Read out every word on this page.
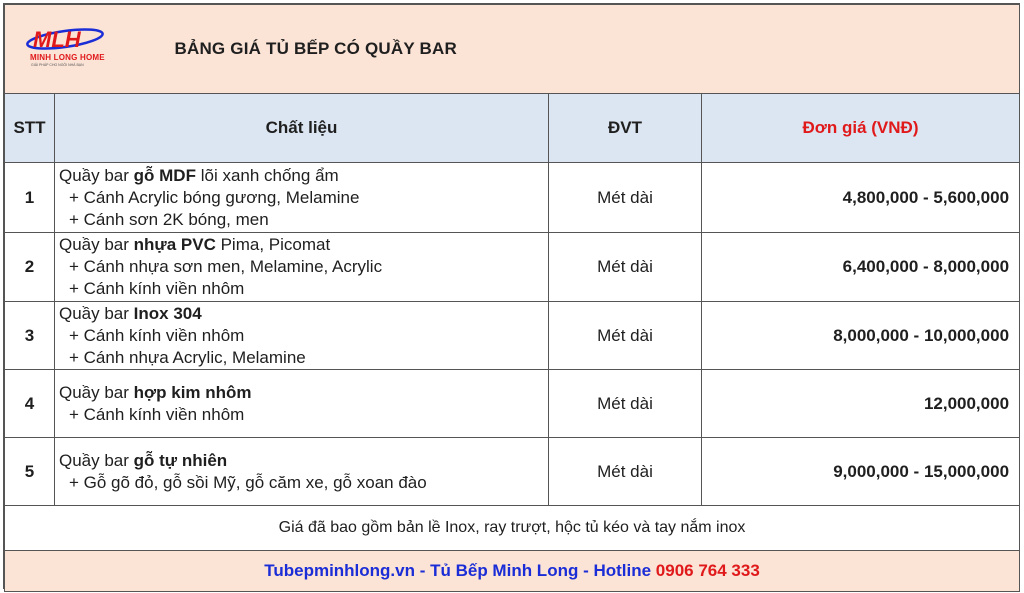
MLH
MINH LONG HOME
GIẢI PHÁP CHO NGÔI NHÀ BẠN	BẢNG GIÁ TỦ BẾP CÓ QUẦY BAR		
STT	Chất liệu	ĐVT	Đơn giá (VNĐ)
1	Quầy bar gỗ MDF lõi xanh chống ẩm
+ Cánh Acrylic bóng gương, Melamine
+ Cánh sơn 2K bóng, men	Mét dài	4,800,000 - 5,600,000
2	Quầy bar nhựa PVC Pima, Picomat
+ Cánh nhựa sơn men, Melamine, Acrylic
+ Cánh kính viền nhôm	Mét dài	6,400,000 - 8,000,000
3	Quầy bar Inox 304
+ Cánh kính viền nhôm
+ Cánh nhựa Acrylic, Melamine	Mét dài	8,000,000 - 10,000,000
4	Quầy bar hợp kim nhôm
+ Cánh kính viền nhôm	Mét dài	12,000,000
5	Quầy bar gỗ tự nhiên
+ Gỗ gõ đỏ, gỗ sồi Mỹ, gỗ căm xe, gỗ xoan đào	Mét dài	9,000,000 - 15,000,000
Giá đã bao gồm bản lề Inox, ray trượt, hộc tủ kéo và tay nắm inox			
Tubepminhlong.vn - Tủ Bếp Minh Long - Hotline 0906 764 333			
